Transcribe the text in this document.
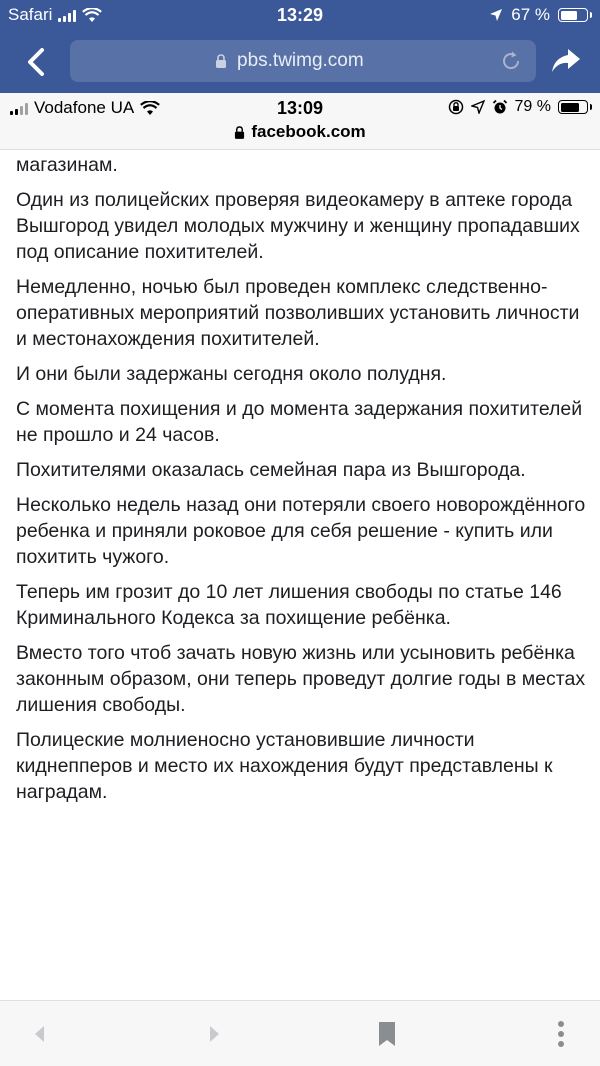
Safari	13:29	67 %
pbs.twimg.com
Vodafone UA	13:09	79 %
facebook.com

магазинам.

Один из полицейских проверяя видеокамеру в аптеке города Вышгород увидел молодых мужчину и женщину пропадавших под описание похитителей.

Немедленно, ночью был проведен комплекс следственно-оперативных мероприятий позволивших установить личности и местонахождения похитителей.

И они были задержаны сегодня около полудня.

С момента похищения и до момента задержания похитителей не прошло и 24 часов.

Похитителями оказалась семейная пара из Вышгорода.

Несколько недель назад они потеряли своего новорождённого ребенка и приняли роковое для себя решение - купить или похитить чужого.

Теперь им грозит до 10 лет лишения свободы по статье 146 Криминального Кодекса за похищение ребёнка.

Вместо того чтоб зачать новую жизнь или усыновить ребёнка законным образом, они теперь проведут долгие годы в местах лишения свободы.

Полицеские молниеносно установившие личности киднепперов и место их нахождения будут представлены к наградам.
